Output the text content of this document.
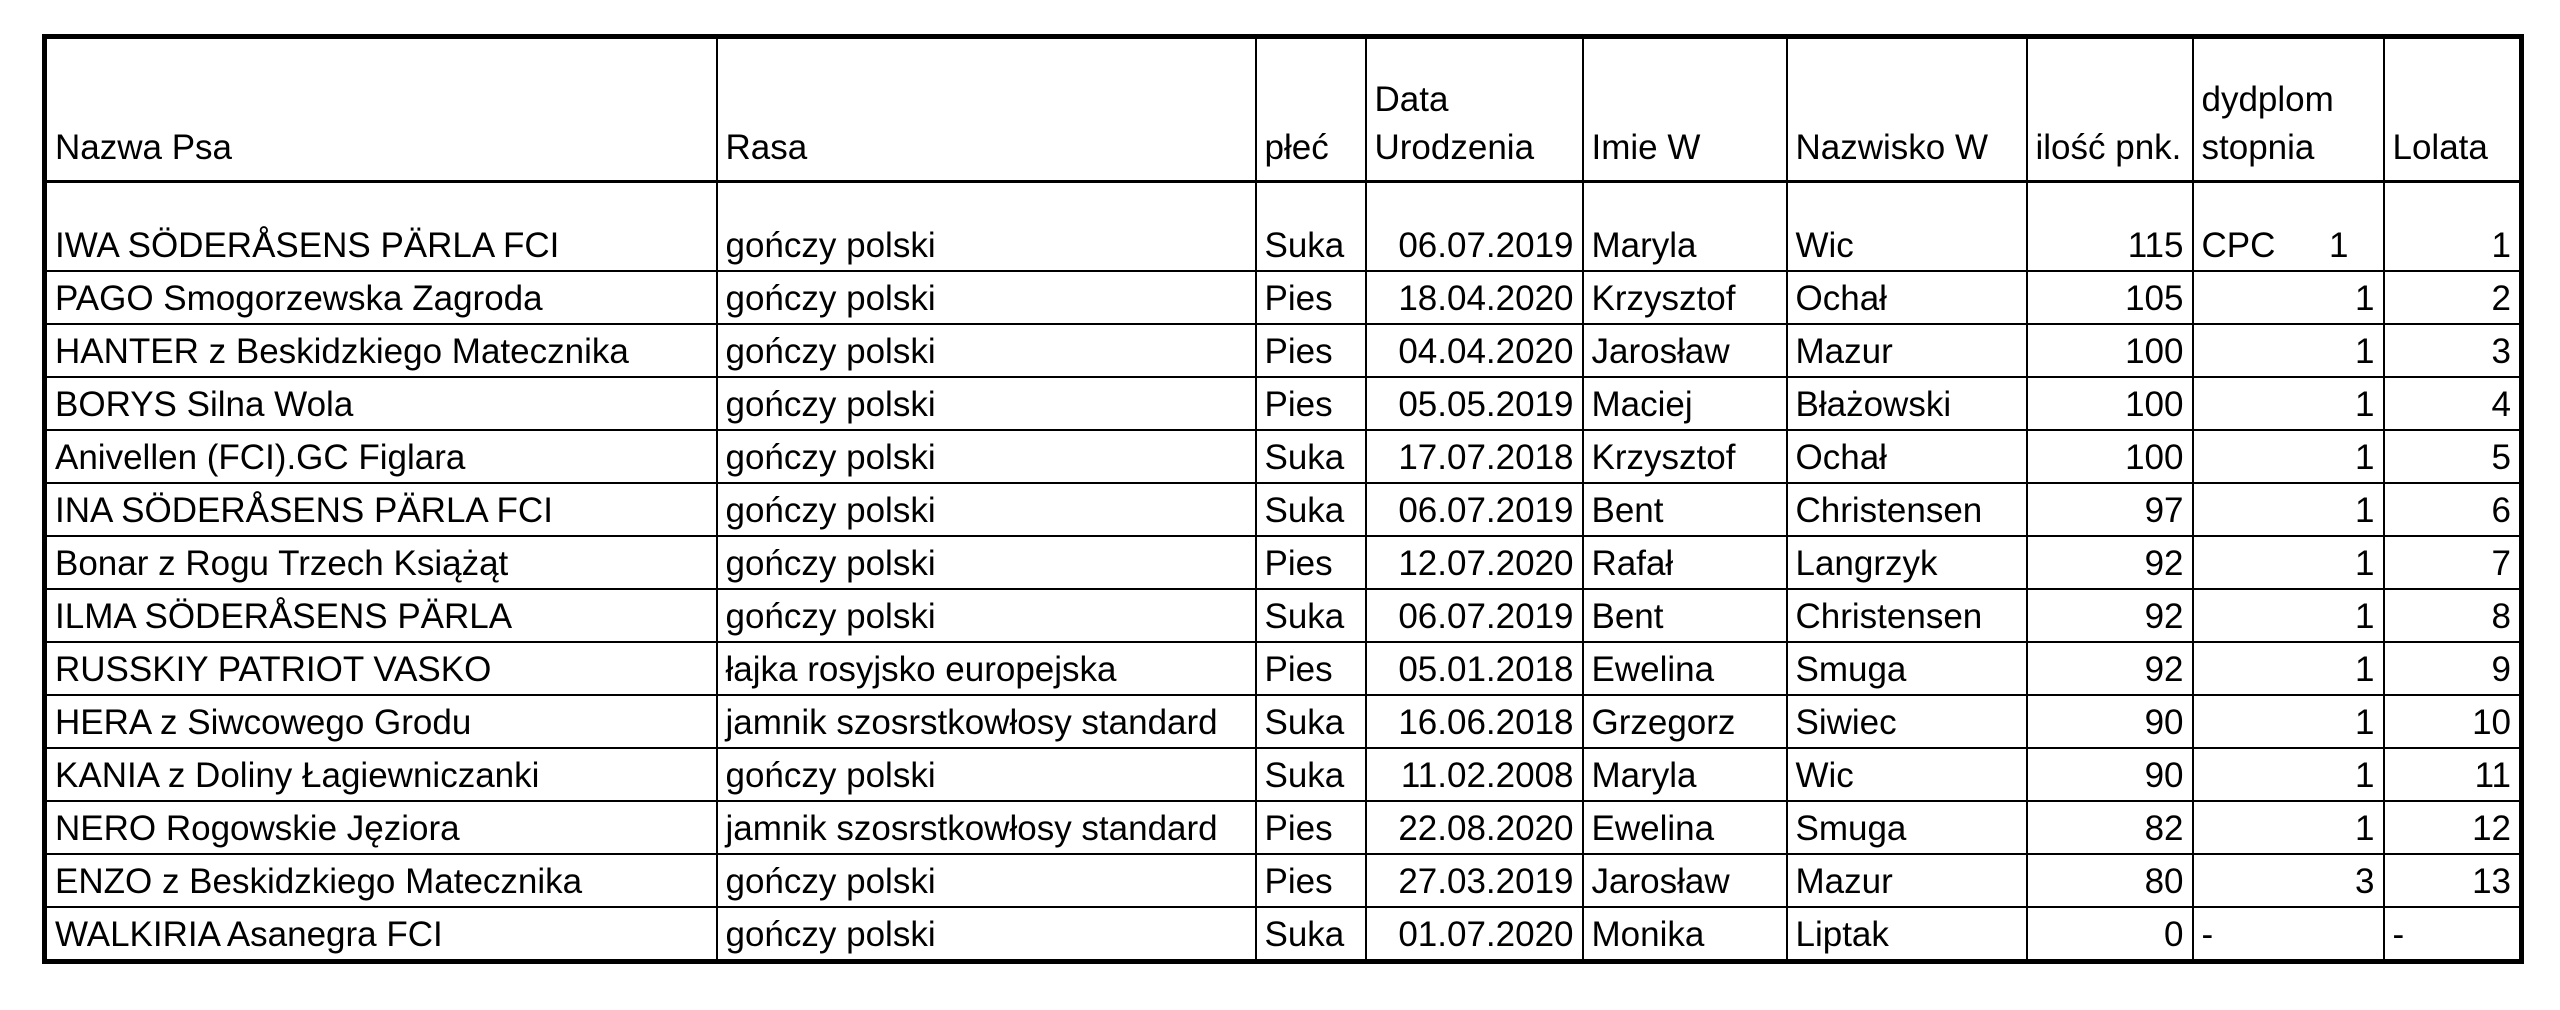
Nazwa Psa	Rasa	płeć	Data Urodzenia	Imie W	Nazwisko W	ilość pnk.	dydplom stopnia	Lolata
IWA SÖDERÅSENS PÄRLA FCI	gończy polski	Suka	06.07.2019	Maryla	Wic	115	CPC 1	1
PAGO Smogorzewska Zagroda	gończy polski	Pies	18.04.2020	Krzysztof	Ochał	105	1	2
HANTER z Beskidzkiego Matecznika	gończy polski	Pies	04.04.2020	Jarosław	Mazur	100	1	3
BORYS Silna Wola	gończy polski	Pies	05.05.2019	Maciej	Błażowski	100	1	4
Anivellen (FCI).GC Figlara	gończy polski	Suka	17.07.2018	Krzysztof	Ochał	100	1	5
INA SÖDERÅSENS PÄRLA FCI	gończy polski	Suka	06.07.2019	Bent	Christensen	97	1	6
Bonar z Rogu Trzech Książąt	gończy polski	Pies	12.07.2020	Rafał	Langrzyk	92	1	7
ILMA SÖDERÅSENS PÄRLA	gończy polski	Suka	06.07.2019	Bent	Christensen	92	1	8
RUSSKIY PATRIOT VASKO	łajka rosyjsko europejska	Pies	05.01.2018	Ewelina	Smuga	92	1	9
HERA z Siwcowego Grodu	jamnik szosrstkowłosy standard	Suka	16.06.2018	Grzegorz	Siwiec	90	1	10
KANIA z Doliny Łagiewniczanki	gończy polski	Suka	11.02.2008	Maryla	Wic	90	1	11
NERO Rogowskie Jęziora	jamnik szosrstkowłosy standard	Pies	22.08.2020	Ewelina	Smuga	82	1	12
ENZO z Beskidzkiego Matecznika	gończy polski	Pies	27.03.2019	Jarosław	Mazur	80	3	13
WALKIRIA Asanegra FCI	gończy polski	Suka	01.07.2020	Monika	Liptak	0	-	-
